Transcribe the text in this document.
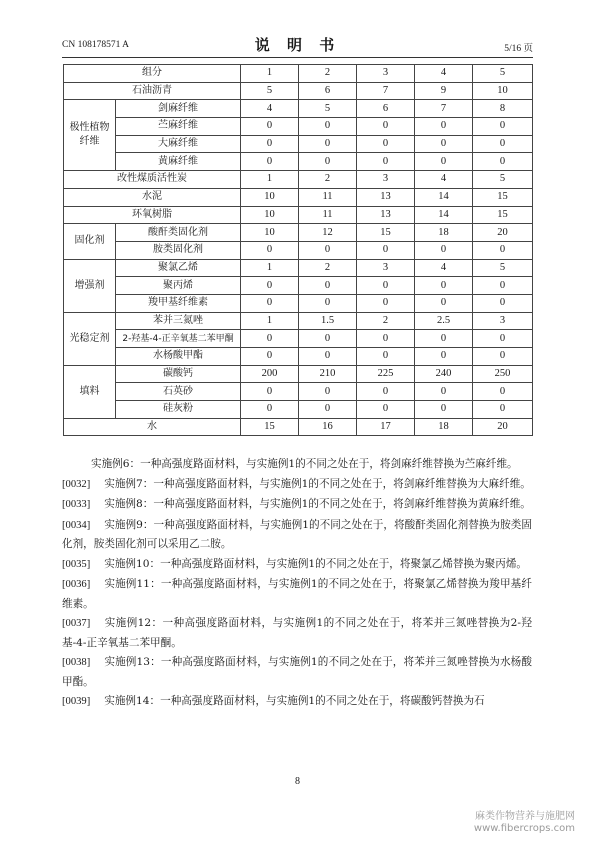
CN 108178571 A	说 明 书	5/16 页
组分		1	2	3	4	5
石油沥青		5	6	7	9	10
极性植物纤维	剑麻纤维	4	5	6	7	8
	苎麻纤维	0	0	0	0	0
	大麻纤维	0	0	0	0	0
	黄麻纤维	0	0	0	0	0
改性煤质活性炭		1	2	3	4	5
水泥		10	11	13	14	15
环氧树脂		10	11	13	14	15
固化剂	酸酐类固化剂	10	12	15	18	20
	胺类固化剂	0	0	0	0	0
增强剂	聚氯乙烯	1	2	3	4	5
	聚丙烯	0	0	0	0	0
	羧甲基纤维素	0	0	0	0	0
光稳定剂	苯并三氮唑	1	1.5	2	2.5	3
	2-羟基-4-正辛氧基二苯甲酮	0	0	0	0	0
	水杨酸甲酯	0	0	0	0	0
填料	碳酸钙	200	210	225	240	250
	石英砂	0	0	0	0	0
	硅灰粉	0	0	0	0	0
水		15	16	17	18	20

实施例6：一种高强度路面材料，与实施例1的不同之处在于，将剑麻纤维替换为苎麻纤维。

[0032] 实施例7：一种高强度路面材料，与实施例1的不同之处在于，将剑麻纤维替换为大麻纤维。

[0033] 实施例8：一种高强度路面材料，与实施例1的不同之处在于，将剑麻纤维替换为黄麻纤维。

[0034] 实施例9：一种高强度路面材料，与实施例1的不同之处在于，将酸酐类固化剂替换为胺类固化剂，胺类固化剂可以采用乙二胺。

[0035] 实施例10：一种高强度路面材料，与实施例1的不同之处在于，将聚氯乙烯替换为聚丙烯。

[0036] 实施例11：一种高强度路面材料，与实施例1的不同之处在于，将聚氯乙烯替换为羧甲基纤维素。

[0037] 实施例12：一种高强度路面材料，与实施例1的不同之处在于，将苯并三氮唑替换为2-羟基-4-正辛氧基二苯甲酮。

[0038] 实施例13：一种高强度路面材料，与实施例1的不同之处在于，将苯并三氮唑替换为水杨酸甲酯。

[0039] 实施例14：一种高强度路面材料，与实施例1的不同之处在于，将碳酸钙替换为石

8
麻类作物营养与施肥网
www.fibercrops.com
